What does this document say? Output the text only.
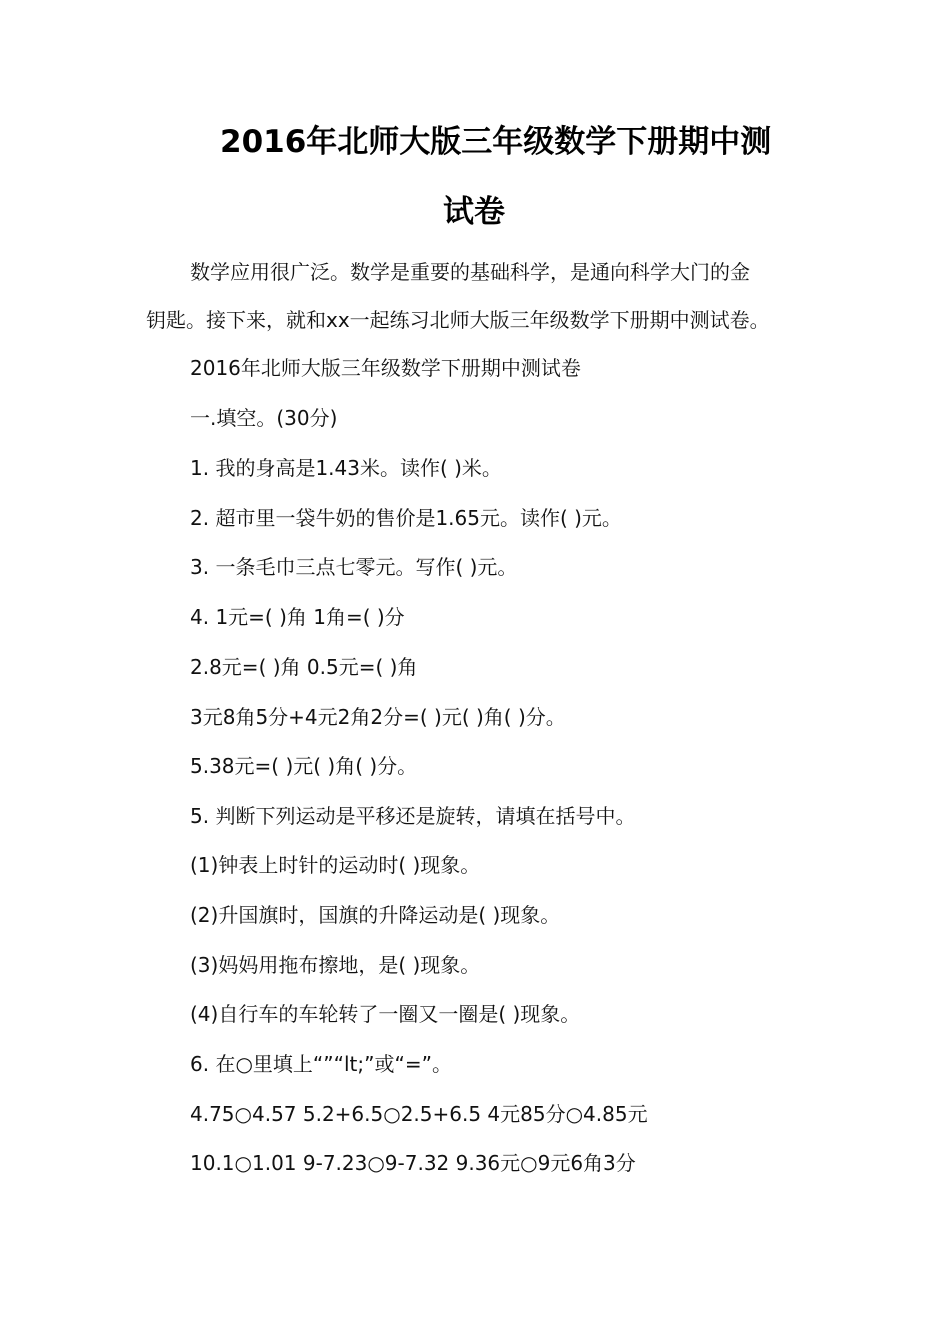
2016年北师大版三年级数学下册期中测
试卷
数学应用很广泛。数学是重要的基础科学，是通向科学大门的金
钥匙。接下来，就和xx一起练习北师大版三年级数学下册期中测试卷。
2016年北师大版三年级数学下册期中测试卷
一.填空。(30分)
1. 我的身高是1.43米。读作( )米。
2. 超市里一袋牛奶的售价是1.65元。读作( )元。
3. 一条毛巾三点七零元。写作( )元。
4. 1元=( )角 1角=( )分
2.8元=( )角 0.5元=( )角
3元8角5分+4元2角2分=( )元( )角( )分。
5.38元=( )元( )角( )分。
5. 判断下列运动是平移还是旋转，请填在括号中。
(1)钟表上时针的运动时( )现象。
(2)升国旗时，国旗的升降运动是( )现象。
(3)妈妈用拖布擦地，是( )现象。
(4)自行车的车轮转了一圈又一圈是( )现象。
6. 在○里填上“”“lt;”或“=”。
4.75○4.57 5.2+6.5○2.5+6.5 4元85分○4.85元
10.1○1.01 9-7.23○9-7.32 9.36元○9元6角3分
